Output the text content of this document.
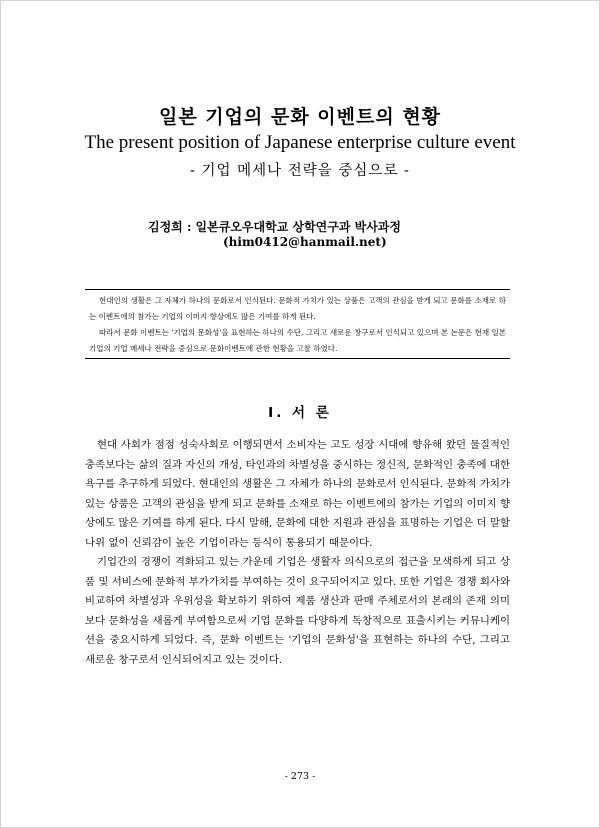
일본 기업의 문화 이벤트의 현황
The present position of Japanese enterprise culture event
- 기업 메세나 전략을 중심으로 -
김정희 : 일본큐오우대학교 상학연구과 박사과정
(him0412@hanmail.net)

현대인의 생활은 그 자체가 하나의 문화로서 인식된다. 문화적 가치가 있는 상품은 고객의 관심을 받게 되고 문화를 소재로 하는 이벤트에의 참가는 기업의 이미지 향상에도 많은 기여를 하게 된다.

따라서 문화 이벤트는 '기업의 문화성'을 표현하는 하나의 수단, 그리고 새로운 창구로서 인식되고 있으며 본 논문은 현재 일본 기업의 기업 메세나 전략을 중심으로 문화이벤트에 관한 현황을 고찰 하였다.

Ⅰ. 서 론

현대 사회가 점점 성숙사회로 이행되면서 소비자는 고도 성장 시대에 향유해 왔던 물질적인 충족보다는 삶의 질과 자신의 개성, 타인과의 차별성을 중시하는 정신적, 문화적인 충족에 대한 욕구를 추구하게 되었다. 현대인의 생활은 그 자체가 하나의 문화로서 인식된다. 문화적 가치가 있는 상품은 고객의 관심을 받게 되고 문화를 소재로 하는 이벤트에의 참가는 기업의 이미지 향상에도 많은 기여를 하게 된다. 다시 말해, 문화에 대한 지원과 관심을 표명하는 기업은 더 말할 나위 없이 신뢰감이 높은 기업이라는 등식이 통용되기 때문이다.

기업간의 경쟁이 격화되고 있는 가운데 기업은 생활자 의식으로의 접근을 모색하게 되고 상품 및 서비스에 문화적 부가가치를 부여하는 것이 요구되어지고 있다. 또한 기업은 경쟁 회사와 비교하여 차별성과 우위성을 확보하기 위하여 제품 생산과 판매 주체로서의 본래의 존재 의미보다 문화성을 새롭게 부여함으로써 기업 문화를 다양하게 독창적으로 표출시키는 커뮤니케이션을 중요시하게 되었다. 즉, 문화 이벤트는 '기업의 문화성'을 표현하는 하나의 수단, 그리고 새로운 창구로서 인식되어지고 있는 것이다.

- 273 -
